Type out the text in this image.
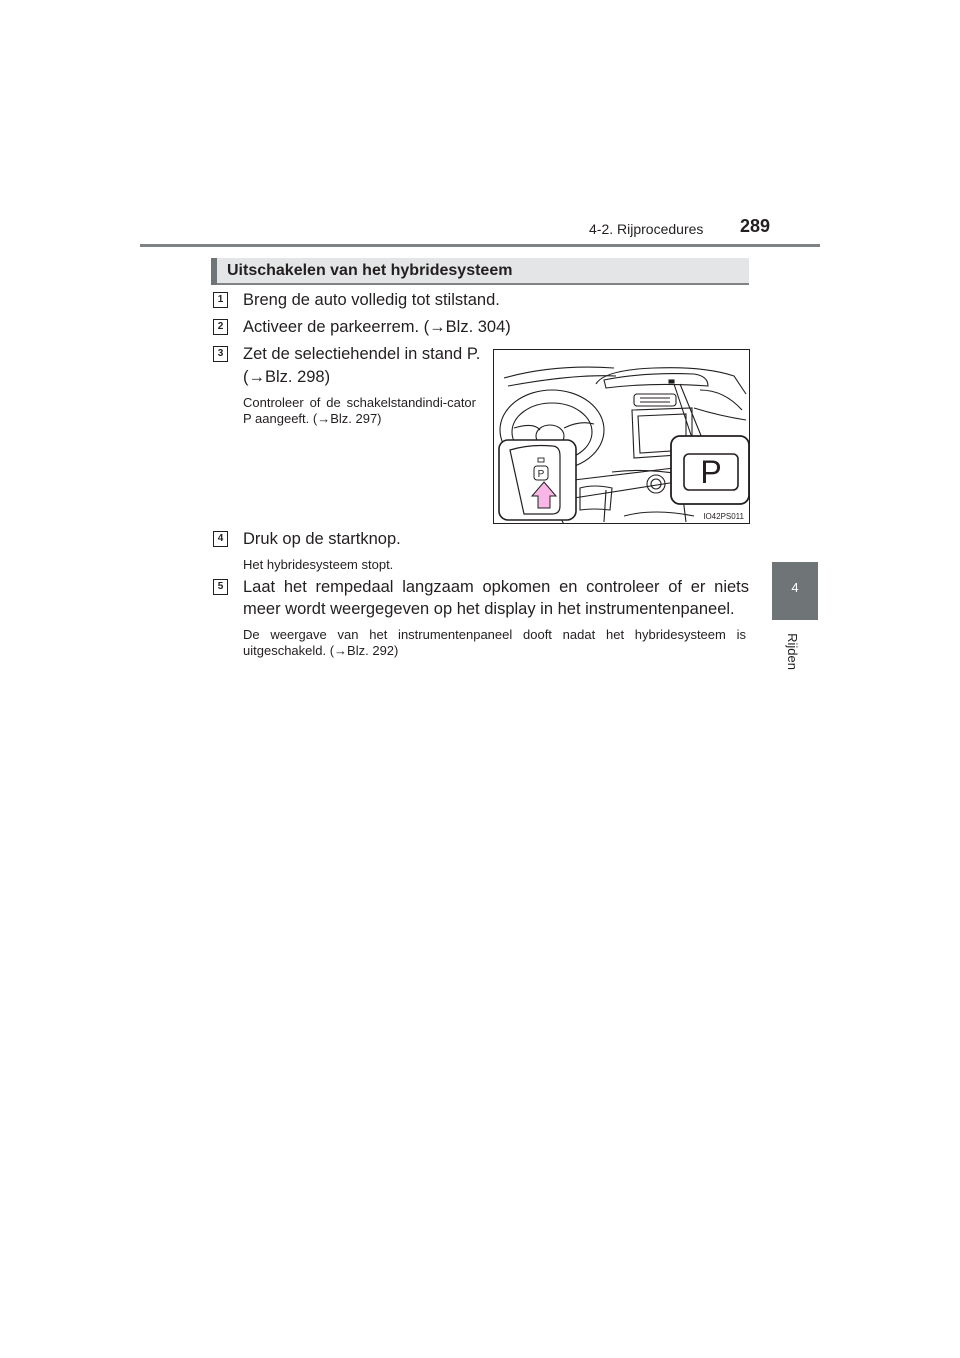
4-2. Rijprocedures 289
4
Rijden
Uitschakelen van het hybridesysteem
1 Breng de auto volledig tot stilstand.
2 Activeer de parkeerrem. (→Blz. 304)
3 Zet de selectiehendel in stand P.
(→Blz. 298)
Controleer of de schakelstandindi-cator P aangeeft. (→Blz. 297)
P	P
IO42PS011
4 Druk op de startknop.
Het hybridesysteem stopt.
5 Laat het rempedaal langzaam opkomen en controleer of er niets meer wordt weergegeven op het display in het instrumentenpaneel.
De weergave van het instrumentenpaneel dooft nadat het hybridesysteem is uitgeschakeld. (→Blz. 292)
